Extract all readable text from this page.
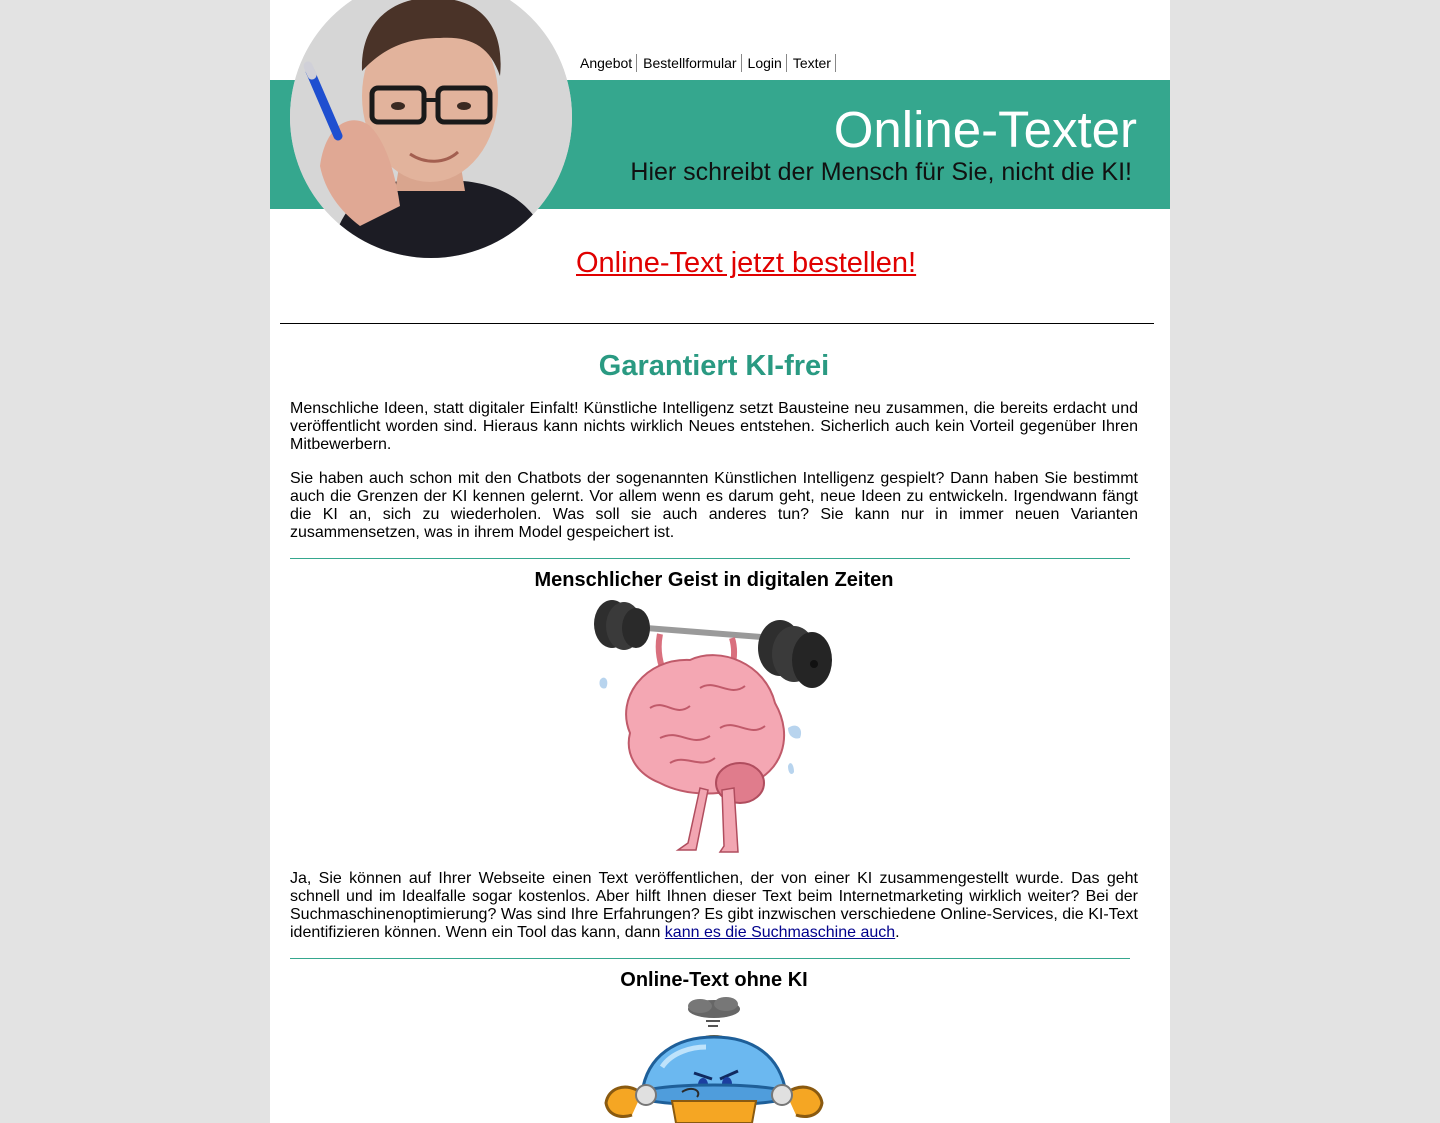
Angebot Bestellformular Login Texter
Online-Texter
Hier schreibt der Mensch für Sie, nicht die KI!
Online-Text jetzt bestellen!
Garantiert KI-frei

Menschliche Ideen, statt digitaler Einfalt! Künstliche Intelligenz setzt Bausteine neu zusammen, die bereits erdacht und veröffentlicht worden sind. Hieraus kann nichts wirklich Neues entstehen. Sicherlich auch kein Vorteil gegenüber Ihren Mitbewerbern.

Sie haben auch schon mit den Chatbots der sogenannten Künstlichen Intelligenz gespielt? Dann haben Sie bestimmt auch die Grenzen der KI kennen gelernt. Vor allem wenn es darum geht, neue Ideen zu entwickeln. Irgendwann fängt die KI an, sich zu wiederholen. Was soll sie auch anderes tun? Sie kann nur in immer neuen Varianten zusammensetzen, was in ihrem Model gespeichert ist.

Menschlicher Geist in digitalen Zeiten

Ja, Sie können auf Ihrer Webseite einen Text veröffentlichen, der von einer KI zusammengestellt wurde. Das geht schnell und im Idealfalle sogar kostenlos. Aber hilft Ihnen dieser Text beim Internetmarketing wirklich weiter? Bei der Suchmaschinenoptimierung? Was sind Ihre Erfahrungen? Es gibt inzwischen verschiedene Online-Services, die KI-Text identifizieren können. Wenn ein Tool das kann, dann kann es die Suchmaschine auch.

Online-Text ohne KI
